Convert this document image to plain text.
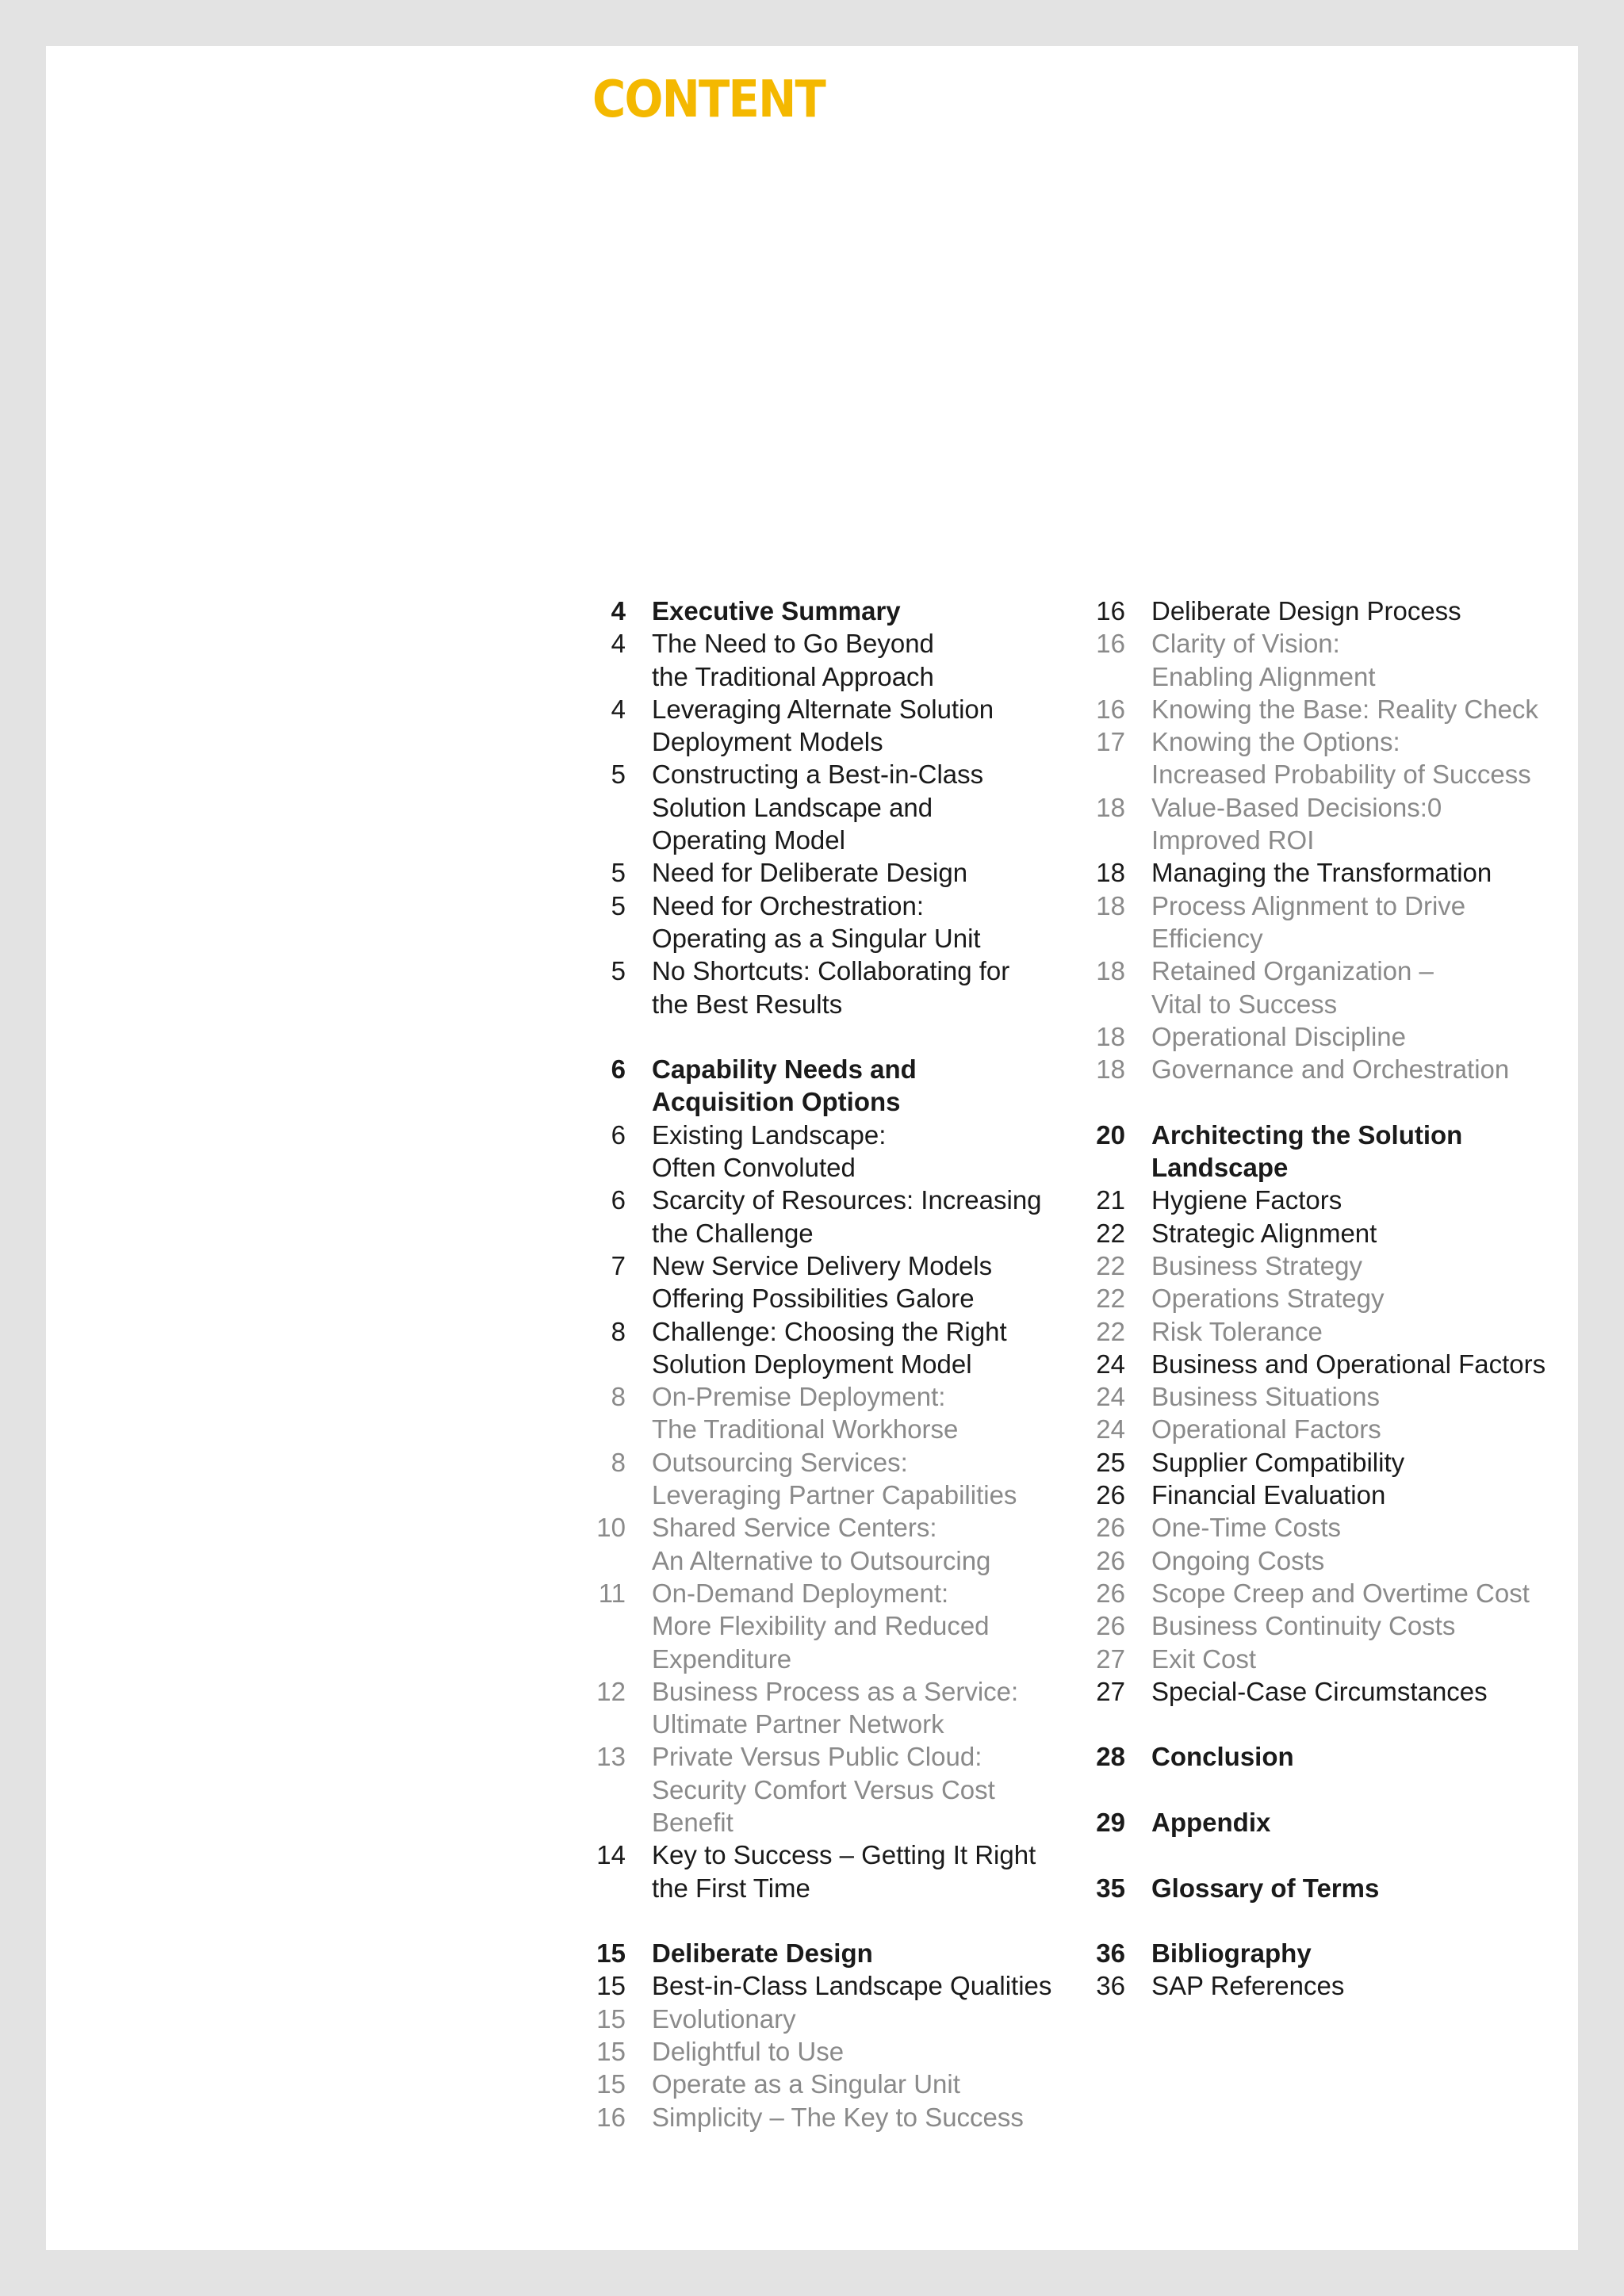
CONTENT
4 Executive Summary
4 The Need to Go Beyond
the Traditional Approach
4 Leveraging Alternate Solution
Deployment Models
5 Constructing a Best-in-Class
Solution Landscape and
Operating Model
5 Need for Deliberate Design
5 Need for Orchestration:
Operating as a Singular Unit
5 No Shortcuts: Collaborating for
the Best Results
6 Capability Needs and
Acquisition Options
6 Existing Landscape:
Often Convoluted
6 Scarcity of Resources: Increasing
the Challenge
7 New Service Delivery Models
Offering Possibilities Galore
8 Challenge: Choosing the Right
Solution Deployment Model
8 On-Premise Deployment:
The Traditional Workhorse
8 Outsourcing Services:
Leveraging Partner Capabilities
10 Shared Service Centers:
An Alternative to Outsourcing
11 On-Demand Deployment:
More Flexibility and Reduced
Expenditure
12 Business Process as a Service:
Ultimate Partner Network
13 Private Versus Public Cloud:
Security Comfort Versus Cost
Benefit
14 Key to Success – Getting It Right
the First Time
15 Deliberate Design
15 Best-in-Class Landscape Qualities
15 Evolutionary
15 Delightful to Use
15 Operate as a Singular Unit
16 Simplicity – The Key to Success
16 Deliberate Design Process
16 Clarity of Vision:
Enabling Alignment
16 Knowing the Base: Reality Check
17 Knowing the Options:
Increased Probability of Success
18 Value-Based Decisions:0
Improved ROI
18 Managing the Transformation
18 Process Alignment to Drive
Efficiency
18 Retained Organization –
Vital to Success
18 Operational Discipline
18 Governance and Orchestration
20 Architecting the Solution
Landscape
21 Hygiene Factors
22 Strategic Alignment
22 Business Strategy
22 Operations Strategy
22 Risk Tolerance
24 Business and Operational Factors
24 Business Situations
24 Operational Factors
25 Supplier Compatibility
26 Financial Evaluation
26 One-Time Costs
26 Ongoing Costs
26 Scope Creep and Overtime Cost
26 Business Continuity Costs
27 Exit Cost
27 Special-Case Circumstances
28 Conclusion
29 Appendix
35 Glossary of Terms
36 Bibliography
36 SAP References
